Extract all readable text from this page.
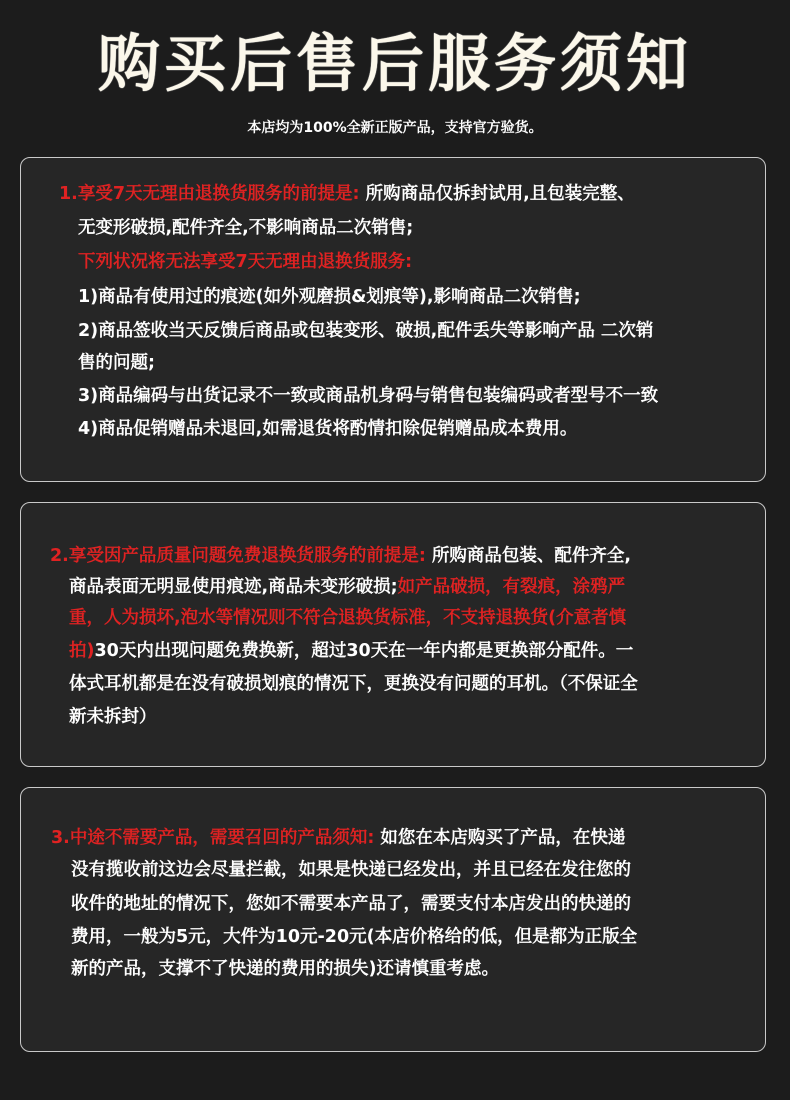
购买后售后服务须知
本店均为100%全新正版产品，支持官方验货。
1.享受7天无理由退换货服务的前提是: 所购商品仅拆封试用,且包装完整、
无变形破损,配件齐全,不影响商品二次销售;
下列状况将无法享受7天无理由退换货服务:
1)商品有使用过的痕迹(如外观磨损&划痕等),影响商品二次销售;
2)商品签收当天反馈后商品或包装变形、破损,配件丢失等影响产品 二次销
售的问题;
3)商品编码与出货记录不一致或商品机身码与销售包装编码或者型号不一致
4)商品促销赠品未退回,如需退货将酌情扣除促销赠品成本费用。
2.享受因产品质量问题免费退换货服务的前提是: 所购商品包装、配件齐全,
商品表面无明显使用痕迹,商品未变形破损;如产品破损，有裂痕，涂鸦严
重，人为损坏,泡水等情况则不符合退换货标准，不支持退换货(介意者慎
拍)30天内出现问题免费换新，超过30天在一年内都是更换部分配件。一
体式耳机都是在没有破损划痕的情况下，更换没有问题的耳机。（不保证全
新未拆封）
3.中途不需要产品，需要召回的产品须知: 如您在本店购买了产品，在快递
没有揽收前这边会尽量拦截，如果是快递已经发出，并且已经在发往您的
收件的地址的情况下，您如不需要本产品了，需要支付本店发出的快递的
费用，一般为5元，大件为10元-20元(本店价格给的低，但是都为正版全
新的产品，支撑不了快递的费用的损失)还请慎重考虑。
